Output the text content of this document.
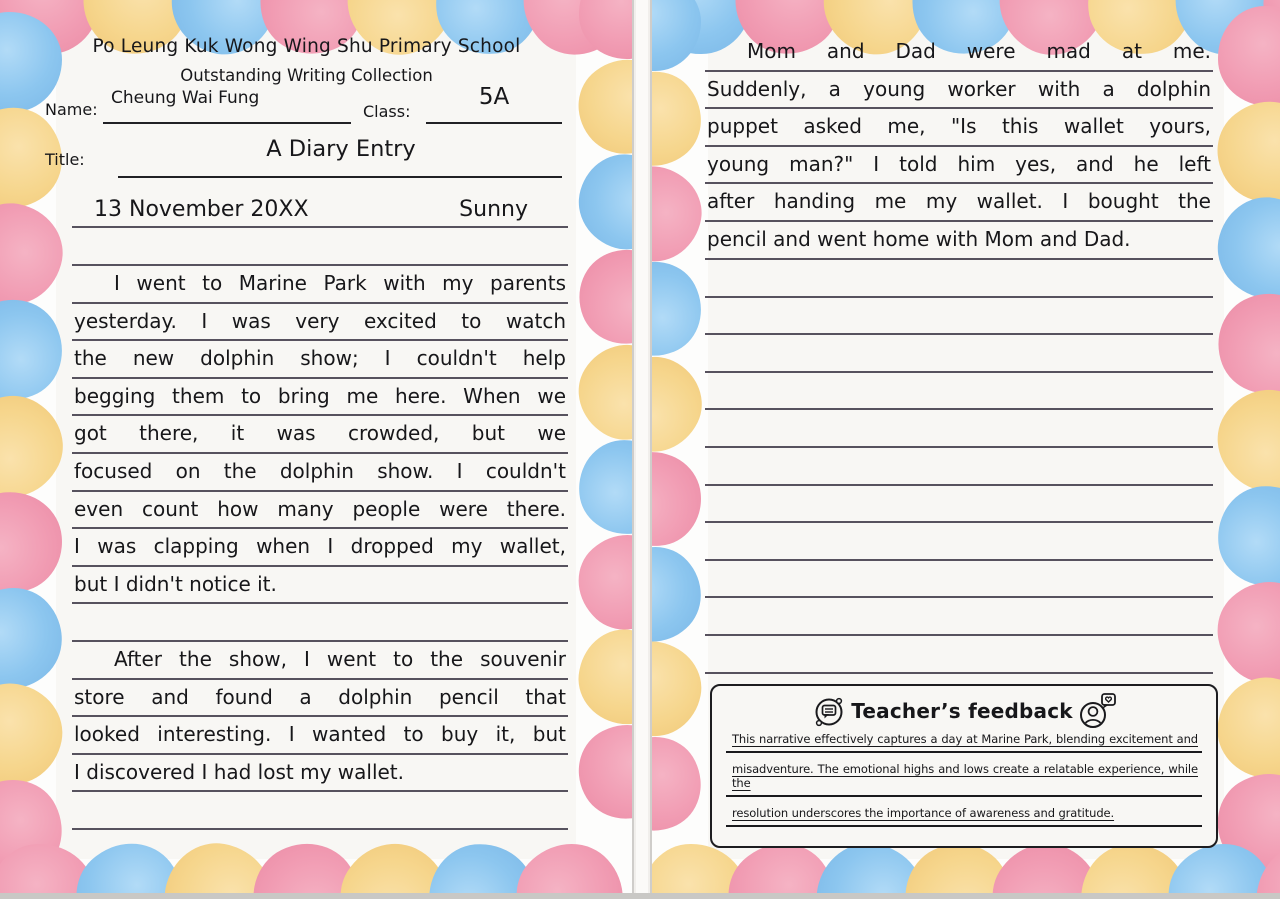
Po Leung Kuk Wong Wing Shu Primary School
Outstanding Writing Collection
Name:
Cheung Wai Fung
Class:
5A
Title:	A Diary Entry
13 November 20XX	Sunny
I went to Marine Park with my parents
yesterday. I was very excited to watch
the new dolphin show; I couldn't help
begging them to bring me here. When we
got there, it was crowded, but we
focused on the dolphin show. I couldn't
even count how many people were there.
I was clapping when I dropped my wallet,
but I didn't notice it.
After the show, I went to the souvenir
store and found a dolphin pencil that
looked interesting. I wanted to buy it, but
I discovered I had lost my wallet.
Mom and Dad were mad at me.
Suddenly, a young worker with a dolphin
puppet asked me, "Is this wallet yours,
young man?" I told him yes, and he left
after handing me my wallet. I bought the
pencil and went home with Mom and Dad.
Teacher’s feedback
This narrative effectively captures a day at Marine Park, blending excitement and
misadventure. The emotional highs and lows create a relatable experience, while the
resolution underscores the importance of awareness and gratitude.
